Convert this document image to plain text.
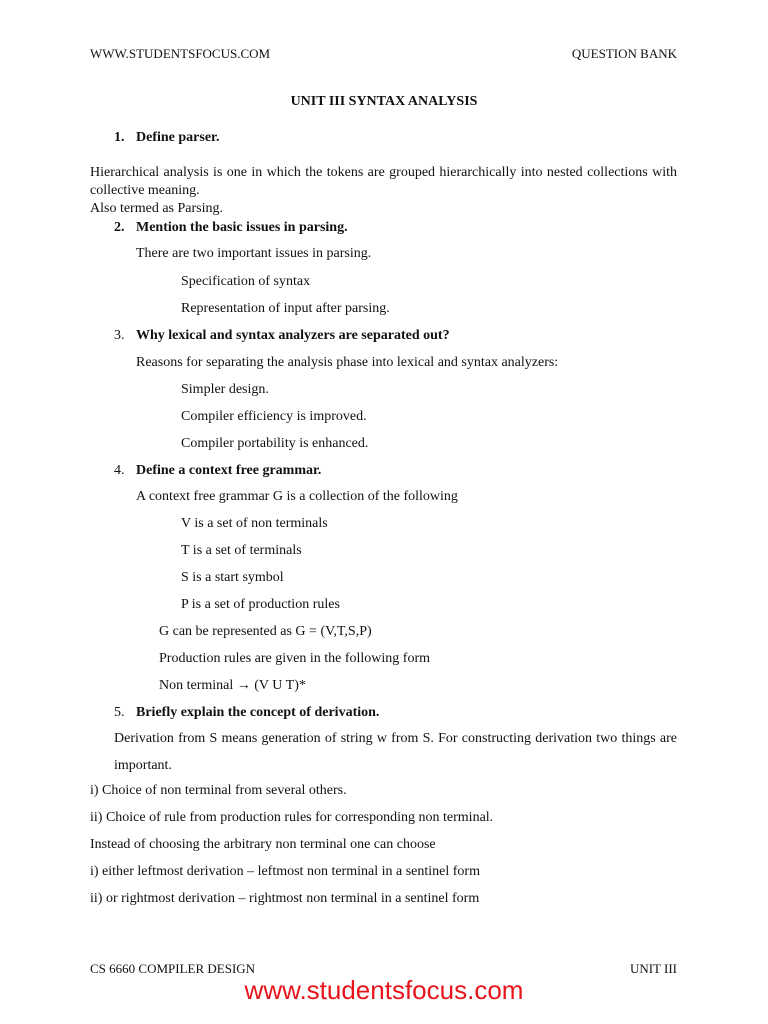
WWW.STUDENTSFOCUS.COM	QUESTION BANK
UNIT III SYNTAX ANALYSIS
1. Define parser.
Hierarchical analysis is one in which the tokens are grouped hierarchically into nested collections with collective meaning.
Also termed as Parsing.
2. Mention the basic issues in parsing.
There are two important issues in parsing.
Specification of syntax
Representation of input after parsing.
3. Why lexical and syntax analyzers are separated out?
Reasons for separating the analysis phase into lexical and syntax analyzers:
Simpler design.
Compiler efficiency is improved.
Compiler portability is enhanced.
4. Define a context free grammar.
A context free grammar G is a collection of the following
V is a set of non terminals
T is a set of terminals
S is a start symbol
P is a set of production rules
G can be represented as G = (V,T,S,P)
Production rules are given in the following form
Non terminal → (V U T)*
5. Briefly explain the concept of derivation.
Derivation from S means generation of string w from S. For constructing derivation two things are important.
i) Choice of non terminal from several others.
ii) Choice of rule from production rules for corresponding non terminal.
Instead of choosing the arbitrary non terminal one can choose
i) either leftmost derivation – leftmost non terminal in a sentinel form
ii) or rightmost derivation – rightmost non terminal in a sentinel form
CS 6660 COMPILER DESIGN	UNIT III
www.studentsfocus.com
